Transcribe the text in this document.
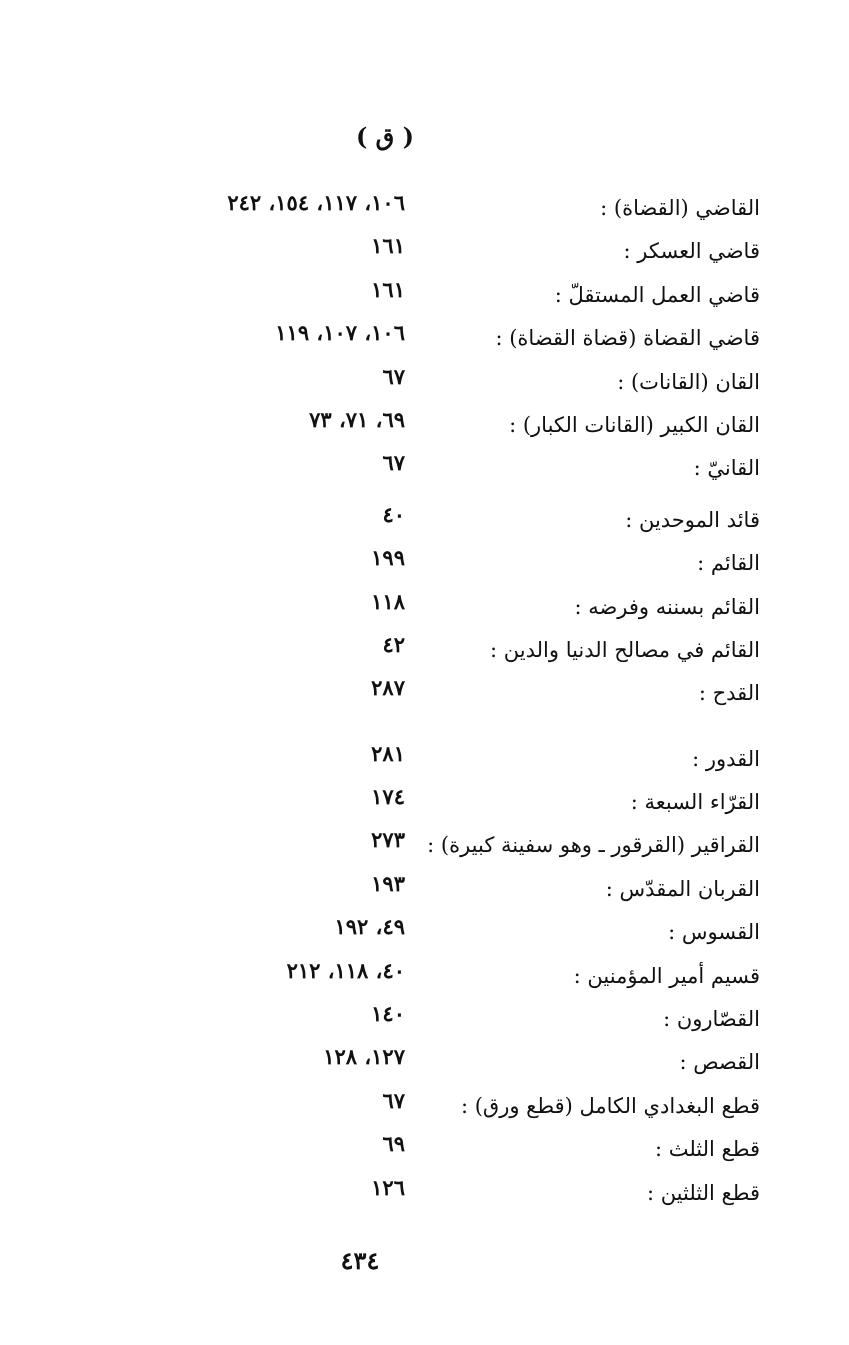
( ق )
القاضي (القضاة) :
١٠٦، ١١٧، ١٥٤، ٢٤٢
قاضي العسكر :
١٦١
قاضي العمل المستقلّ :
١٦١
قاضي القضاة (قضاة القضاة) :
١٠٦، ١٠٧، ١١٩
القان (القانات) :
٦٧
القان الكبير (القانات الكبار) :
٦٩، ٧١، ٧٣
القانيّ :
٦٧
قائد الموحدين :
٤٠
القائم :
١٩٩
القائم بسننه وفرضه :
١١٨
القائم في مصالح الدنيا والدين :
٤٢
القدح :
٢٨٧
القدور :
٢٨١
القرّاء السبعة :
١٧٤
القراقير (القرقور ـ وهو سفينة كبيرة) :
٢٧٣
القربان المقدّس :
١٩٣
القسوس :
٤٩، ١٩٢
قسيم أمير المؤمنين :
٤٠، ١١٨، ٢١٢
القصّارون :
١٤٠
القصص :
١٢٧، ١٢٨
قطع البغدادي الكامل (قطع ورق) :
٦٧
قطع الثلث :
٦٩
قطع الثلثين :
١٢٦
٤٣٤
